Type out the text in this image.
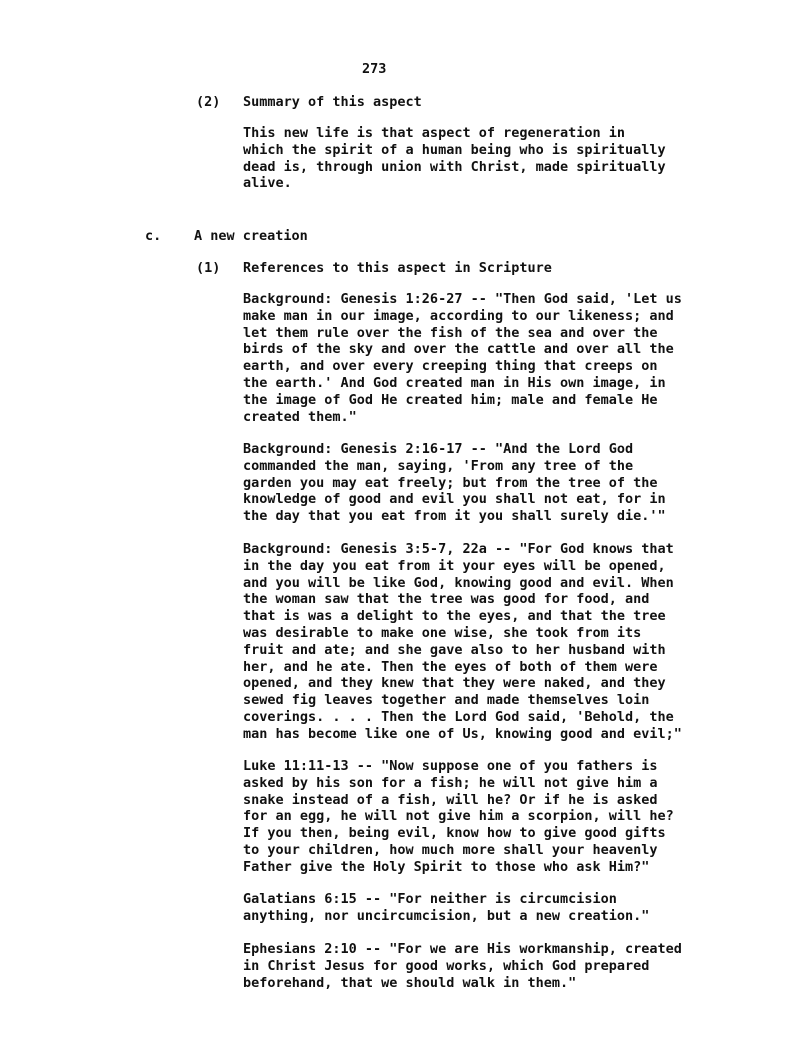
273
(2) Summary of this aspect
This new life is that aspect of regeneration in
which the spirit of a human being who is spiritually
dead is, through union with Christ, made spiritually
alive.
c. A new creation
(1) References to this aspect in Scripture
Background: Genesis 1:26-27 -- "Then God said, 'Let us
make man in our image, according to our likeness; and
let them rule over the fish of the sea and over the
birds of the sky and over the cattle and over all the
earth, and over every creeping thing that creeps on
the earth.' And God created man in His own image, in
the image of God He created him; male and female He
created them."
Background: Genesis 2:16-17 -- "And the Lord God
commanded the man, saying, 'From any tree of the
garden you may eat freely; but from the tree of the
knowledge of good and evil you shall not eat, for in
the day that you eat from it you shall surely die.'"
Background: Genesis 3:5-7, 22a -- "For God knows that
in the day you eat from it your eyes will be opened,
and you will be like God, knowing good and evil. When
the woman saw that the tree was good for food, and
that is was a delight to the eyes, and that the tree
was desirable to make one wise, she took from its
fruit and ate; and she gave also to her husband with
her, and he ate. Then the eyes of both of them were
opened, and they knew that they were naked, and they
sewed fig leaves together and made themselves loin
coverings. . . . Then the Lord God said, 'Behold, the
man has become like one of Us, knowing good and evil;"
Luke 11:11-13 -- "Now suppose one of you fathers is
asked by his son for a fish; he will not give him a
snake instead of a fish, will he? Or if he is asked
for an egg, he will not give him a scorpion, will he?
If you then, being evil, know how to give good gifts
to your children, how much more shall your heavenly
Father give the Holy Spirit to those who ask Him?"
Galatians 6:15 -- "For neither is circumcision
anything, nor uncircumcision, but a new creation."
Ephesians 2:10 -- "For we are His workmanship, created
in Christ Jesus for good works, which God prepared
beforehand, that we should walk in them."
